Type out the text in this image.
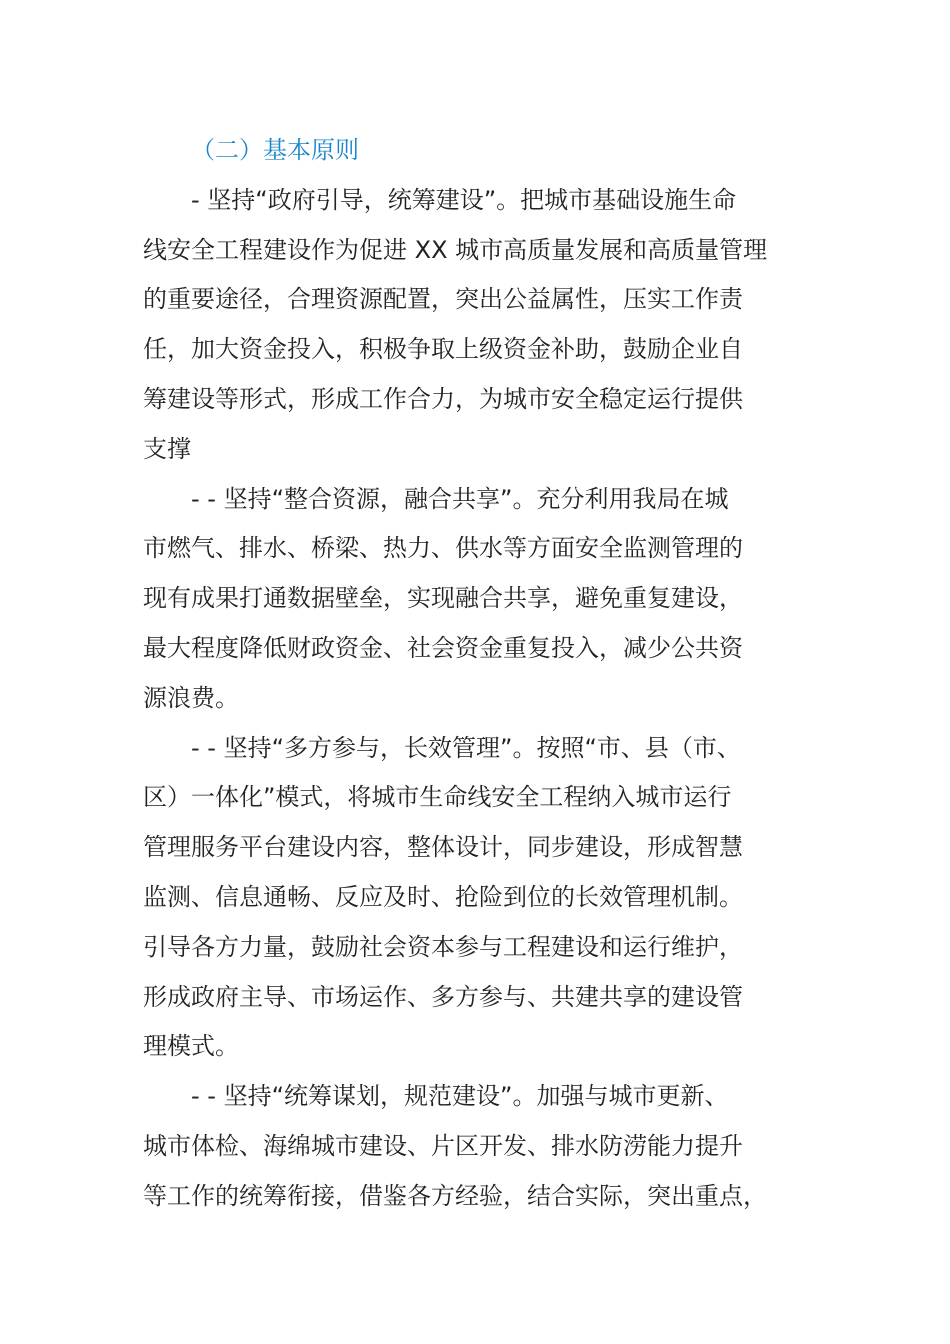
（二）基本原则
- 坚持“政府引导，统筹建设”。把城市基础设施生命
线安全工程建设作为促进 XX 城市高质量发展和高质量管理
的重要途径，合理资源配置，突出公益属性，压实工作责
任，加大资金投入，积极争取上级资金补助，鼓励企业自
筹建设等形式，形成工作合力，为城市安全稳定运行提供
支撑
- - 坚持“整合资源，融合共享”。充分利用我局在城
市燃气、排水、桥梁、热力、供水等方面安全监测管理的
现有成果打通数据壁垒，实现融合共享，避免重复建设，
最大程度降低财政资金、社会资金重复投入，减少公共资
源浪费。
- - 坚持“多方参与，长效管理”。按照“市、县（市、
区）一体化”模式，将城市生命线安全工程纳入城市运行
管理服务平台建设内容，整体设计，同步建设，形成智慧
监测、信息通畅、反应及时、抢险到位的长效管理机制。
引导各方力量，鼓励社会资本参与工程建设和运行维护，
形成政府主导、市场运作、多方参与、共建共享的建设管
理模式。
- - 坚持“统筹谋划，规范建设”。加强与城市更新、
城市体检、海绵城市建设、片区开发、排水防涝能力提升
等工作的统筹衔接，借鉴各方经验，结合实际，突出重点，
